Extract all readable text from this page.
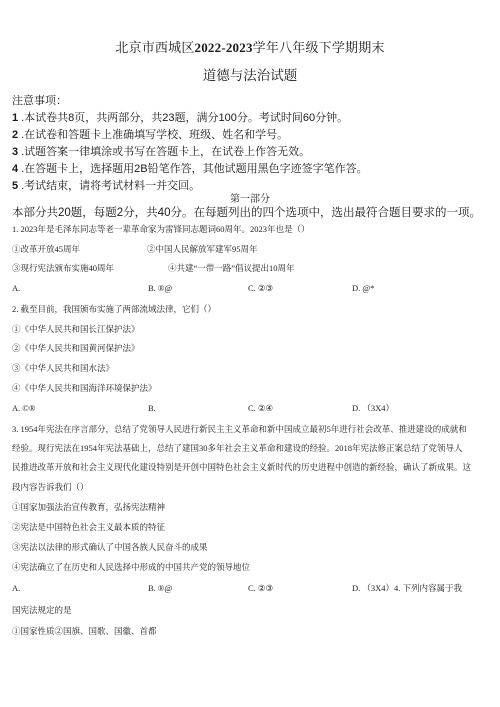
北京市西城区2022-2023学年八年级下学期期末
道德与法治试题
注意事项：
1 .本试卷共8页，共两部分，共23题，满分100分。考试时间60分钟。
2 .在试卷和答题卡上准确填写学校、班级、姓名和学号。
3 .试题答案一律填涂或书写在答题卡上，在试卷上作答无效。
4 .在答题卡上，选择题用2B铅笔作答，其他试题用黑色字迹签字笔作答。
5 .考试结束，请将考试材料一并交回。
第一部分
本部分共20题，每题2分，共40分。在每题列出的四个选项中，选出最符合题目要求的一项。
1. 2023年是毛泽东同志等老一辈革命家为雷锋同志题词60周年。2023年也是（）
①改革开放45周年	②中国人民解放军建军95周年
③现行宪法颁布实施40周年	④共建“一带一路”倡议提出10周年
A.	B. ®@	C. ②③	D. @*
2. 截至目前，我国颁布实施了两部流域法律，它们（）
①《中华人民共和国长江保护法》
②《中华人民共和国黄河保护法》
③《中华人民共和国水法》
④《中华人民共和国海洋环境保护法》
A. ©®	B.	C. ②④	D. （3X4）
3. 1954年宪法在序言部分，总结了党领导人民进行新民主主义革命和新中国成立最初5年进行社会改革、推进建设的成就和
经验。现行宪法在1954年宪法基础上，总结了建国30多年社会主义革命和建设的经验。2018年宪法修正案总结了党领导人
民推进改革开放和社会主义现代化建设特别是开创中国特色社会主义新时代的历史进程中创造的新经验，确认了新成果。这
段内容告诉我们（）
①国家加强法治宣传教育，弘扬宪法精神
②宪法是中国特色社会主义最本质的特征
③宪法以法律的形式确认了中国各族人民奋斗的成果
④宪法确立了在历史和人民选择中形成的中国共产党的领导地位
A.	B. ®@	C. ②③	D. （3X4）4. 下列内容属于我
国宪法规定的是
①国家性质②国旗、国歌、国徽、首都
